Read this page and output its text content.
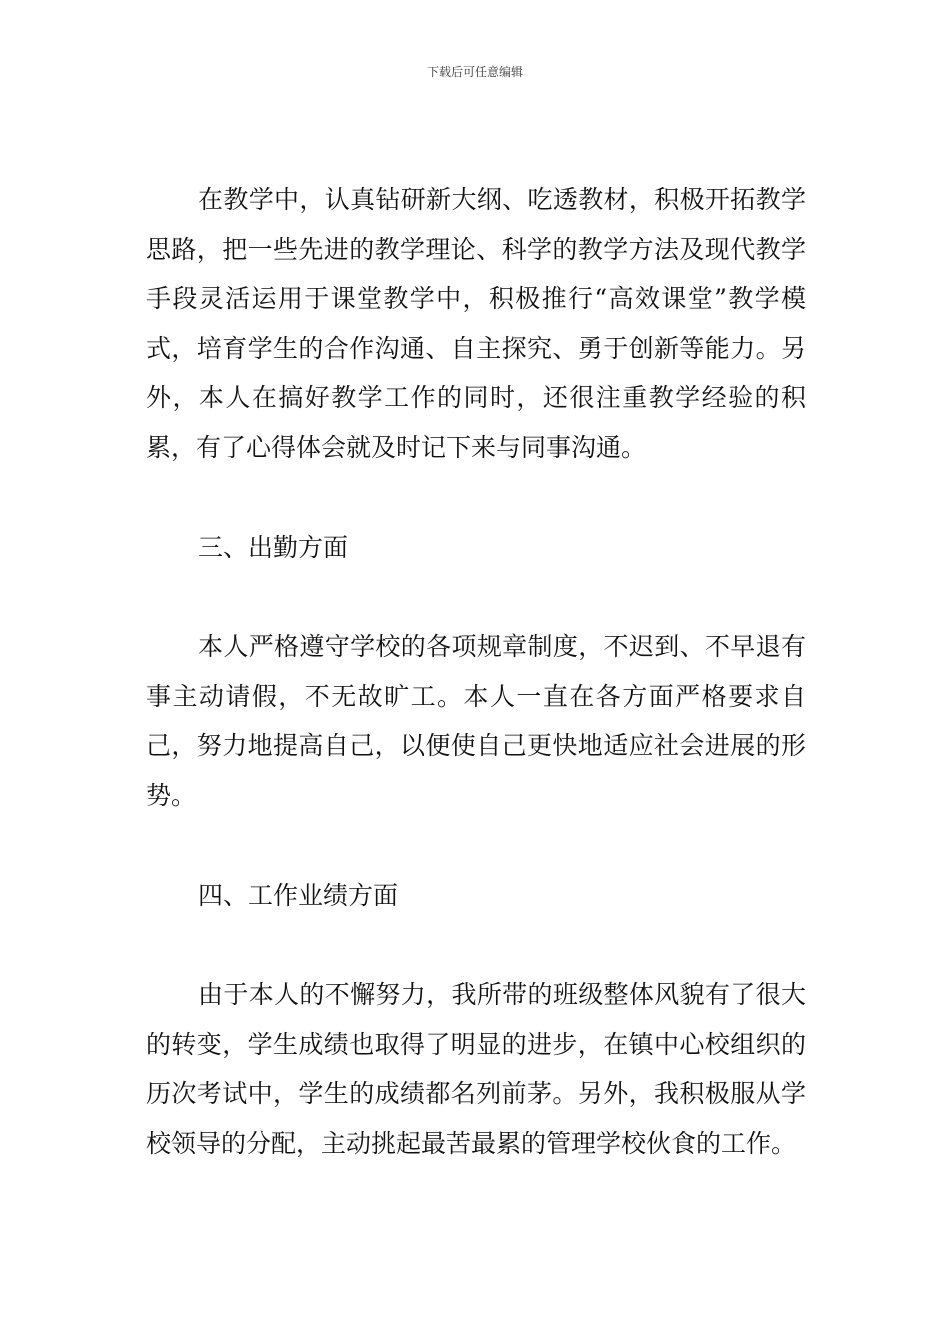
下载后可任意编辑

在教学中，认真钻研新大纲、吃透教材，积极开拓教学思路，把一些先进的教学理论、科学的教学方法及现代教学手段灵活运用于课堂教学中，积极推行“高效课堂”教学模式，培育学生的合作沟通、自主探究、勇于创新等能力。另外，本人在搞好教学工作的同时，还很注重教学经验的积累，有了心得体会就及时记下来与同事沟通。

三、出勤方面

本人严格遵守学校的各项规章制度，不迟到、不早退有事主动请假，不无故旷工。本人一直在各方面严格要求自己，努力地提高自己，以便使自己更快地适应社会进展的形势。

四、工作业绩方面

由于本人的不懈努力，我所带的班级整体风貌有了很大的转变，学生成绩也取得了明显的进步，在镇中心校组织的历次考试中，学生的成绩都名列前茅。另外，我积极服从学校领导的分配，主动挑起最苦最累的管理学校伙食的工作。
